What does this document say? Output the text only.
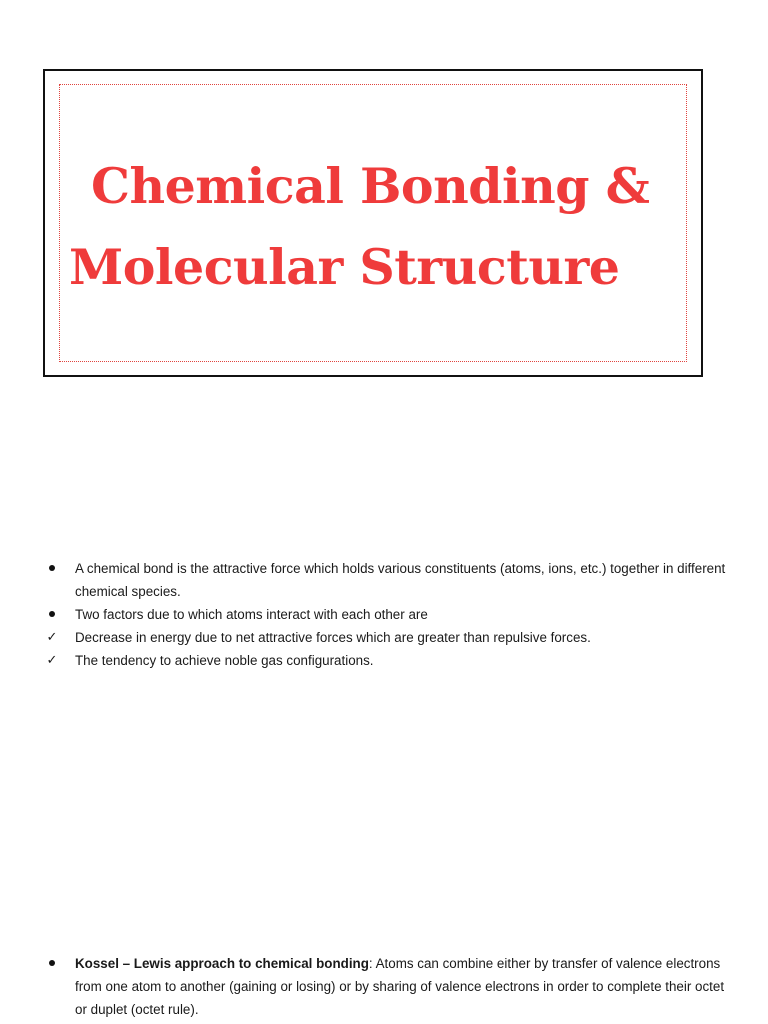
Chemical Bonding &
Molecular Structure
A chemical bond is the attractive force which holds various constituents (atoms, ions, etc.) together in different chemical species.
Two factors due to which atoms interact with each other are
✓ Decrease in energy due to net attractive forces which are greater than repulsive forces.
✓ The tendency to achieve noble gas configurations.
Kossel – Lewis approach to chemical bonding: Atoms can combine either by transfer of valence electrons from one atom to another (gaining or losing) or by sharing of valence electrons in order to complete their octet or duplet (octet rule).
